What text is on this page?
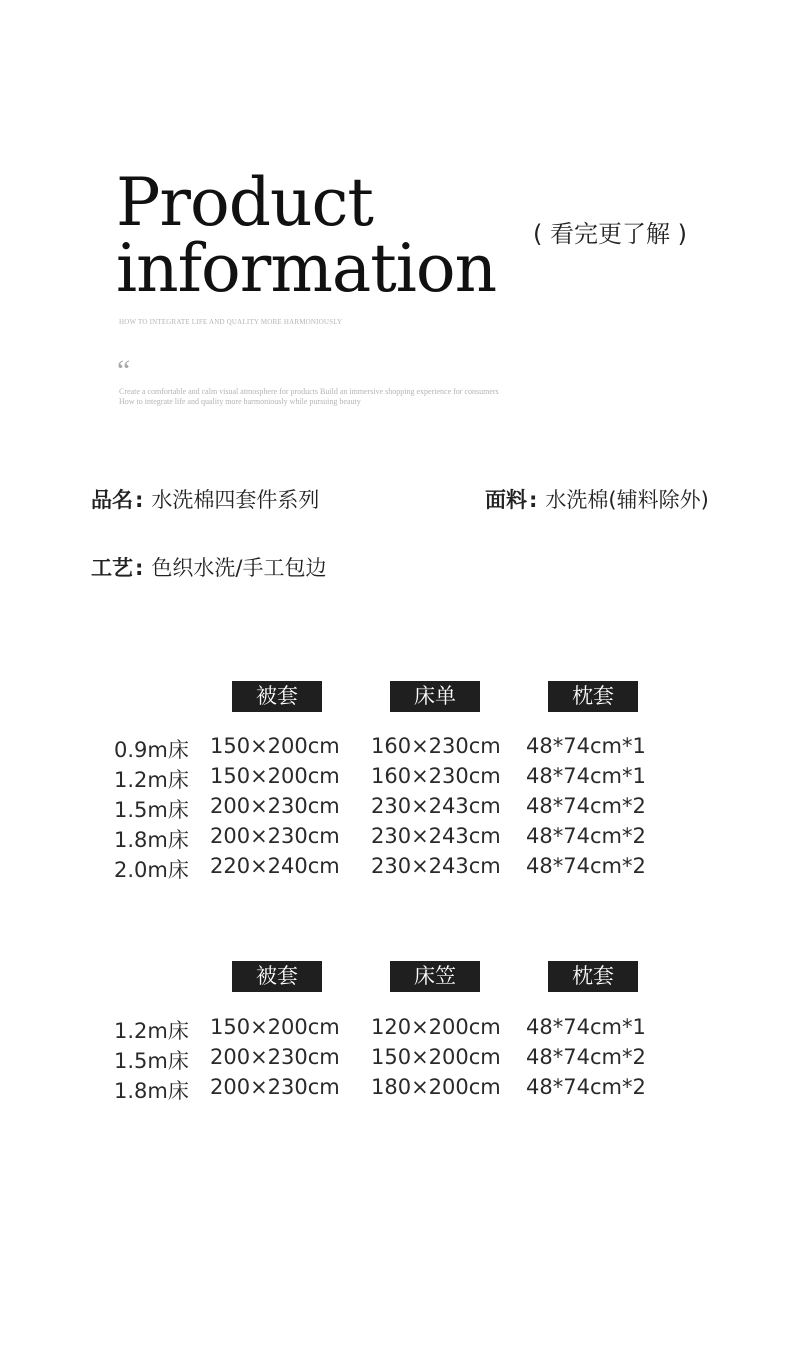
Product
information
HOW TO INTEGRATE LIFE AND QUALITY MORE HARMONIOUSLY
“
Create a comfortable and calm visual atmosphere for products Build an immersive shopping experience for consumers How to integrate life and quality more harmoniously while pursuing beauty
( 看完更了解 )
品名 : 水洗棉四套件系列	面料 : 水洗棉(辅料除外)
工艺 : 色织水洗/手工包边
被套	床单	枕套
0.9m床 150×200cm 160×230cm 48*74cm*1
1.2m床 150×200cm 160×230cm 48*74cm*1
1.5m床 200×230cm 230×243cm 48*74cm*2
1.8m床 200×230cm 230×243cm 48*74cm*2
2.0m床 220×240cm 230×243cm 48*74cm*2
被套	床笠	枕套
1.2m床 150×200cm 120×200cm 48*74cm*1
1.5m床 200×230cm 150×200cm 48*74cm*2
1.8m床 200×230cm 180×200cm 48*74cm*2
